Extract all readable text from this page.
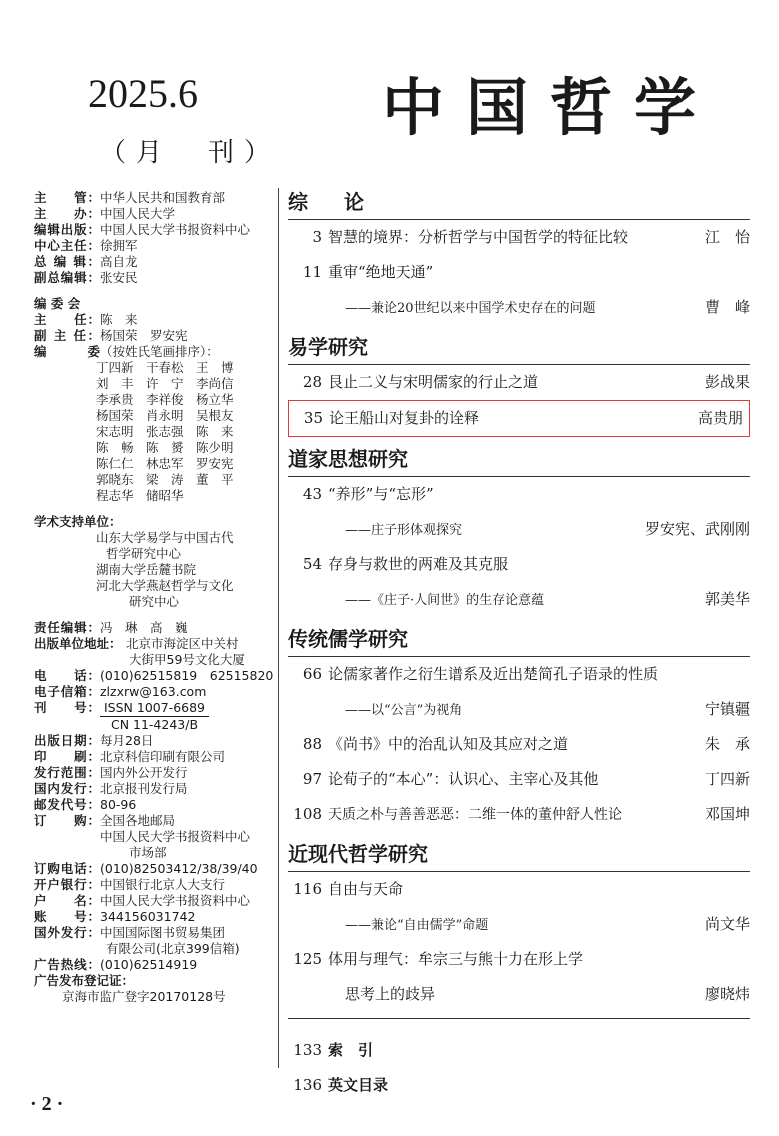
2025.6
（月　刊）
中国哲学
主　　管： 中华人民共和国教育部
主　　办： 中国人民大学
编辑出版： 中国人民大学书报资料中心
中心主任： 徐拥军
总 编 辑： 高自龙
副总编辑： 张安民
编 委 会
主　　任： 陈　来
副 主 任： 杨国荣　罗安宪
编　　委 （按姓氏笔画排序）：
丁四新　干春松　王　博
刘　丰　许　宁　李尚信
李承贵　李祥俊　杨立华
杨国荣　肖永明　吴根友
宋志明　张志强　陈　来
陈　畅　陈　赟　陈少明
陈仁仁　林忠军　罗安宪
郭晓东　梁　涛　董　平
程志华　储昭华
学术支持单位：
山东大学易学与中国古代
哲学研究中心
湖南大学岳麓书院
河北大学燕赵哲学与文化
研究中心
责任编辑： 冯　琳　高　巍
出版单位地址： 北京市海淀区中关村
大街甲59号文化大厦
电　　话： (010)62515819　62515820
电子信箱： zlzxrw@163.com
刊　　号： ISSN 1007-6689
CN 11-4243/B
出版日期： 每月28日
印　　刷： 北京科信印刷有限公司
发行范围： 国内外公开发行
国内发行： 北京报刊发行局
邮发代号： 80-96
订　　购： 全国各地邮局
中国人民大学书报资料中心
市场部
订购电话： (010)82503412/38/39/40
开户银行： 中国银行北京人大支行
户　　名： 中国人民大学书报资料中心
账　　号： 344156031742
国外发行： 中国国际图书贸易集团
有限公司(北京399信箱)
广告热线： (010)62514919
广告发布登记证：
京海市监广登字20170128号
综　论
3 智慧的境界：分析哲学与中国哲学的特征比较	江　怡
11 重审“绝地天通”
——兼论20世纪以来中国学术史存在的问题	曹　峰
易学研究
28 艮止二义与宋明儒家的行止之道	彭战果
35 论王船山对复卦的诠释	高贵朋
道家思想研究
43 “养形”与“忘形”
——庄子形体观探究	罗安宪、武刚刚
54 存身与救世的两难及其克服
——《庄子·人间世》的生存论意蕴	郭美华
传统儒学研究
66 论儒家著作之衍生谱系及近出楚简孔子语录的性质
——以“公言”为视角	宁镇疆
88 《尚书》中的治乱认知及其应对之道	朱　承
97 论荀子的“本心”：认识心、主宰心及其他	丁四新
108 天质之朴与善善恶恶：二维一体的董仲舒人性论	邓国坤
近现代哲学研究
116 自由与天命
——兼论“自由儒学”命题	尚文华
125 体用与理气：牟宗三与熊十力在形上学
思考上的歧异	廖晓炜
133 索　引
136 英文目录
· 2 ·
